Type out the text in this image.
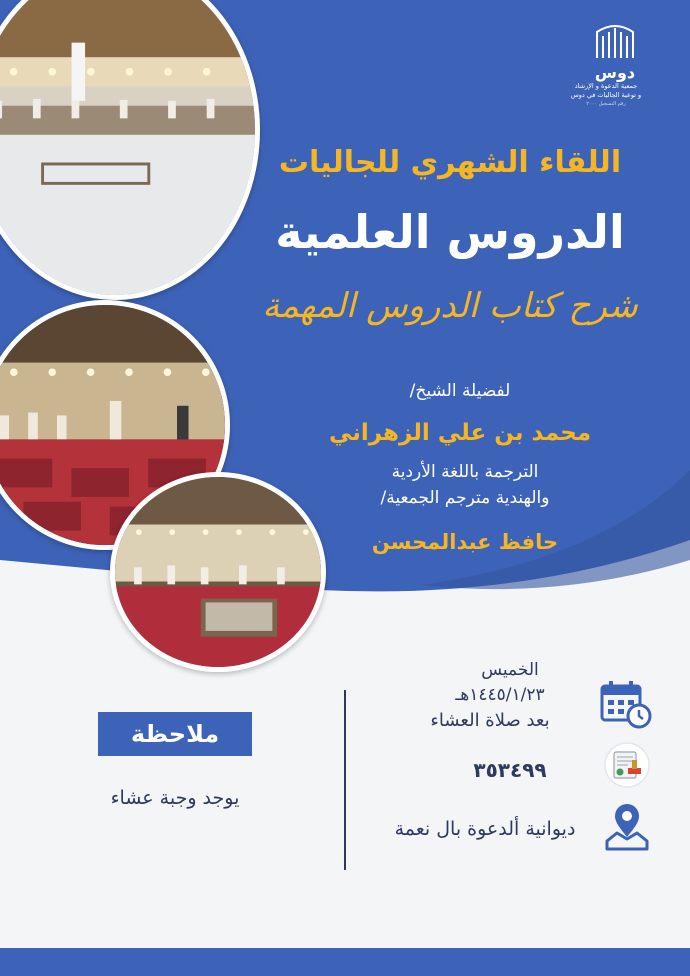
دوس
جمعية الدعوة و الإرشاد
و توعية الجاليات في دوس
رقم التسجيل ٢٠٠٠
اللقاء الشهري للجاليات
الدروس العلمية
شرح كتاب الدروس المهمة
لفضيلة الشيخ/
محمد بن علي الزهراني
الترجمة باللغة الأردية
والهندية مترجم الجمعية/
حافظ عبدالمحسن
ملاحظة
يوجد وجبة عشاء
الخميس
١٤٤٥/١/٢٣هـ
بعد صلاة العشاء
٣٥٣٤٩٩
ديوانية ألدعوة بال نعمة
